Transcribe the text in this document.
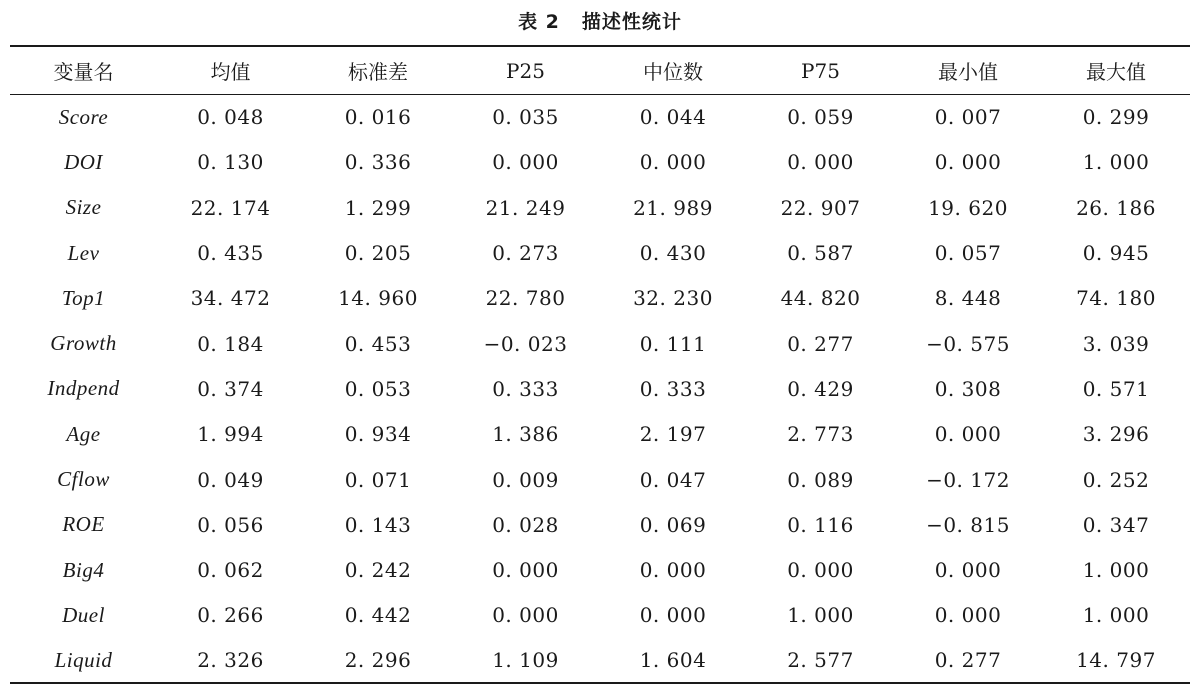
表 2 描述性统计
变量名	均值	标准差	P25	中位数	P75	最小值	最大值
Score	0. 048	0. 016	0. 035	0. 044	0. 059	0. 007	0. 299
DOI	0. 130	0. 336	0. 000	0. 000	0. 000	0. 000	1. 000
Size	22. 174	1. 299	21. 249	21. 989	22. 907	19. 620	26. 186
Lev	0. 435	0. 205	0. 273	0. 430	0. 587	0. 057	0. 945
Top1	34. 472	14. 960	22. 780	32. 230	44. 820	8. 448	74. 180
Growth	0. 184	0. 453	−0. 023	0. 111	0. 277	−0. 575	3. 039
Indpend	0. 374	0. 053	0. 333	0. 333	0. 429	0. 308	0. 571
Age	1. 994	0. 934	1. 386	2. 197	2. 773	0. 000	3. 296
Cflow	0. 049	0. 071	0. 009	0. 047	0. 089	−0. 172	0. 252
ROE	0. 056	0. 143	0. 028	0. 069	0. 116	−0. 815	0. 347
Big4	0. 062	0. 242	0. 000	0. 000	0. 000	0. 000	1. 000
Duel	0. 266	0. 442	0. 000	0. 000	1. 000	0. 000	1. 000
Liquid	2. 326	2. 296	1. 109	1. 604	2. 577	0. 277	14. 797
